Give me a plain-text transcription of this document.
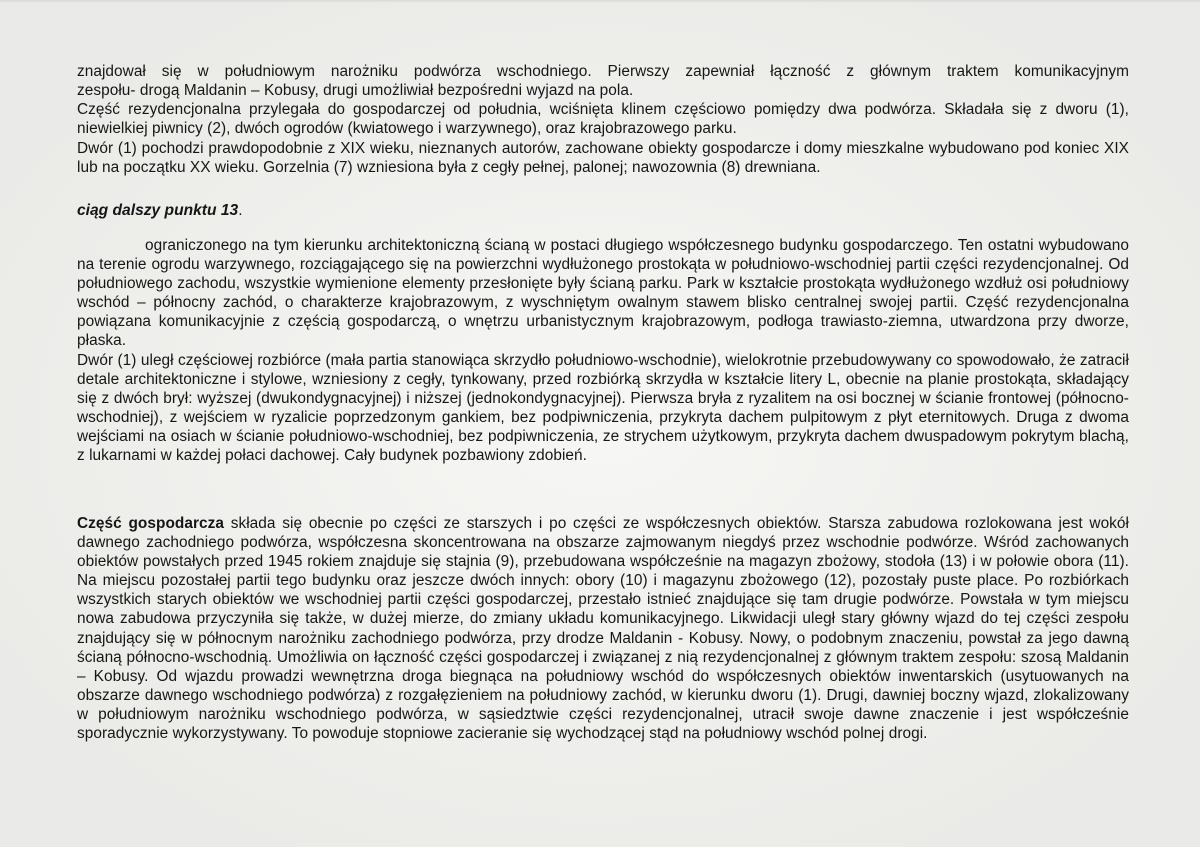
znajdował się w południowym narożniku podwórza wschodniego. Pierwszy zapewniał łączność z głównym traktem komunikacyjnym
zespołu- drogą Maldanin – Kobusy, drugi umożliwiał bezpośredni wyjazd na pola.

Część rezydencjonalna przylegała do gospodarczej od południa, wciśnięta klinem częściowo pomiędzy dwa podwórza. Składała się z dworu (1), niewielkiej piwnicy (2), dwóch ogrodów (kwiatowego i warzywnego), oraz krajobrazowego parku.

Dwór (1) pochodzi prawdopodobnie z XIX wieku, nieznanych autorów, zachowane obiekty gospodarcze i domy mieszkalne wybudowano pod koniec XIX lub na początku XX wieku. Gorzelnia (7) wzniesiona była z cegły pełnej, palonej; nawozownia (8) drewniana.

ciąg dalszy punktu 13.

ograniczonego na tym kierunku architektoniczną ścianą w postaci długiego współczesnego budynku gospodarczego. Ten ostatni wybudowano na terenie ogrodu warzywnego, rozciągającego się na powierzchni wydłużonego prostokąta w południowo-wschodniej partii części rezydencjonalnej. Od południowego zachodu, wszystkie wymienione elementy przesłonięte były ścianą parku. Park w kształcie prostokąta wydłużonego wzdłuż osi południowy wschód – północny zachód, o charakterze krajobrazowym, z wyschniętym owalnym stawem blisko centralnej swojej partii. Część rezydencjonalna powiązana komunikacyjnie z częścią gospodarczą, o wnętrzu urbanistycznym krajobrazowym, podłoga trawiasto-ziemna, utwardzona przy dworze, płaska.

Dwór (1) uległ częściowej rozbiórce (mała partia stanowiąca skrzydło południowo-wschodnie), wielokrotnie przebudowywany co spowodowało, że zatracił detale architektoniczne i stylowe, wzniesiony z cegły, tynkowany, przed rozbiórką skrzydła w kształcie litery L, obecnie na planie prostokąta, składający się z dwóch brył: wyższej (dwukondygnacyjnej) i niższej (jednokondygnacyjnej). Pierwsza bryła z ryzalitem na osi bocznej w ścianie frontowej (północno-wschodniej), z wejściem w ryzalicie poprzedzonym gankiem, bez podpiwniczenia, przykryta dachem pulpitowym z płyt eternitowych. Druga z dwoma wejściami na osiach w ścianie południowo-wschodniej, bez podpiwniczenia, ze strychem użytkowym, przykryta dachem dwuspadowym pokrytym blachą, z lukarnami w każdej połaci dachowej. Cały budynek pozbawiony zdobień.

Część gospodarcza składa się obecnie po części ze starszych i po części ze współczesnych obiektów. Starsza zabudowa rozlokowana jest wokół dawnego zachodniego podwórza, współczesna skoncentrowana na obszarze zajmowanym niegdyś przez wschodnie podwórze. Wśród zachowanych obiektów powstałych przed 1945 rokiem znajduje się stajnia (9), przebudowana współcześnie na magazyn zbożowy, stodoła (13) i w połowie obora (11). Na miejscu pozostałej partii tego budynku oraz jeszcze dwóch innych: obory (10) i magazynu zbożowego (12), pozostały puste place. Po rozbiórkach wszystkich starych obiektów we wschodniej partii części gospodarczej, przestało istnieć znajdujące się tam drugie podwórze. Powstała w tym miejscu nowa zabudowa przyczyniła się także, w dużej mierze, do zmiany układu komunikacyjnego. Likwidacji uległ stary główny wjazd do tej części zespołu znajdujący się w północnym narożniku zachodniego podwórza, przy drodze Maldanin - Kobusy. Nowy, o podobnym znaczeniu, powstał za jego dawną ścianą północno-wschodnią. Umożliwia on łączność części gospodarczej i związanej z nią rezydencjonalnej z głównym traktem zespołu: szosą Maldanin – Kobusy. Od wjazdu prowadzi wewnętrzna droga biegnąca na południowy wschód do współczesnych obiektów inwentarskich (usytuowanych na obszarze dawnego wschodniego podwórza) z rozgałęzieniem na południowy zachód, w kierunku dworu (1). Drugi, dawniej boczny wjazd, zlokalizowany w południowym narożniku wschodniego podwórza, w sąsiedztwie części rezydencjonalnej, utracił swoje dawne znaczenie i jest współcześnie sporadycznie wykorzystywany. To powoduje stopniowe zacieranie się wychodzącej stąd na południowy wschód polnej drogi.
